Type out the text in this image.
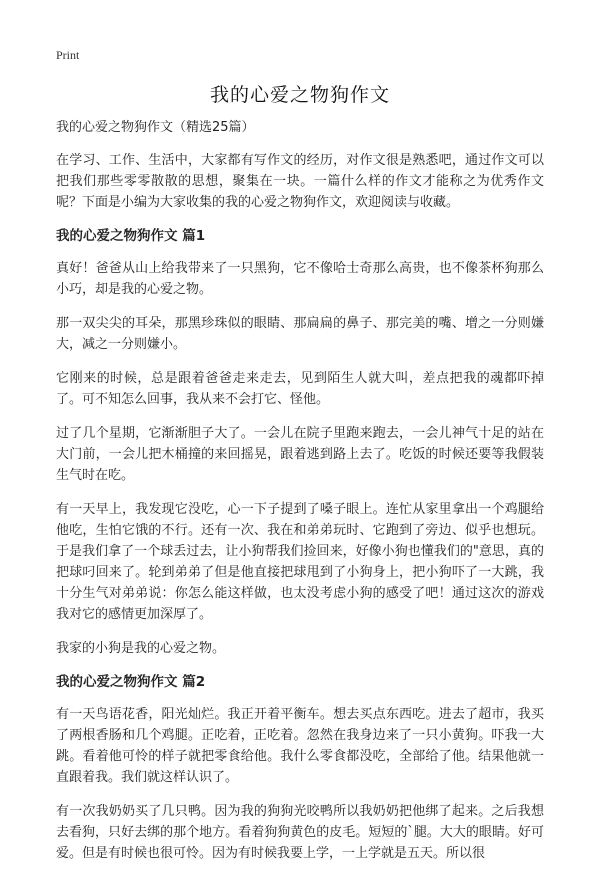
Print
我的心爱之物狗作文
我的心爱之物狗作文（精选25篇）

在学习、工作、生活中，大家都有写作文的经历，对作文很是熟悉吧，通过作文可以把我们那些零零散散的思想，聚集在一块。一篇什么样的作文才能称之为优秀作文呢？下面是小编为大家收集的我的心爱之物狗作文，欢迎阅读与收藏。

我的心爱之物狗作文 篇1

真好！爸爸从山上给我带来了一只黑狗，它不像哈士奇那么高贵，也不像茶杯狗那么小巧，却是我的心爱之物。

那一双尖尖的耳朵，那黑珍珠似的眼睛、那扁扁的鼻子、那完美的嘴、增之一分则嫌大，减之一分则嫌小。

它刚来的时候，总是跟着爸爸走来走去，见到陌生人就大叫，差点把我的魂都吓掉了。可不知怎么回事，我从来不会打它、怪他。

过了几个星期，它渐渐胆子大了。一会儿在院子里跑来跑去，一会儿神气十足的站在大门前，一会儿把木桶撞的来回摇晃，跟着逃到路上去了。吃饭的时候还要等我假装生气时在吃。

有一天早上，我发现它没吃，心一下子提到了嗓子眼上。连忙从家里拿出一个鸡腿给他吃，生怕它饿的不行。还有一次、我在和弟弟玩时、它跑到了旁边、似乎也想玩。于是我们拿了一个球丢过去，让小狗帮我们捡回来，好像小狗也懂我们的"意思，真的把球叼回来了。轮到弟弟了但是他直接把球甩到了小狗身上，把小狗吓了一大跳，我十分生气对弟弟说：你怎么能这样做，也太没考虑小狗的感受了吧！通过这次的游戏我对它的感情更加深厚了。

我家的小狗是我的心爱之物。

我的心爱之物狗作文 篇2

有一天鸟语花香，阳光灿烂。我正开着平衡车。想去买点东西吃。进去了超市，我买了两根香肠和几个鸡腿。正吃着，正吃着。忽然在我身边来了一只小黄狗。吓我一大跳。看着他可怜的样子就把零食给他。我什么零食都没吃，全部给了他。结果他就一直跟着我。我们就这样认识了。

有一次我奶奶买了几只鸭。因为我的狗狗光咬鸭所以我奶奶把他绑了起来。之后我想去看狗，只好去绑的那个地方。看着狗狗黄色的皮毛。短短的`腿。大大的眼睛。好可爱。但是有时候也很可怜。因为有时候我要上学，一上学就是五天。所以很
